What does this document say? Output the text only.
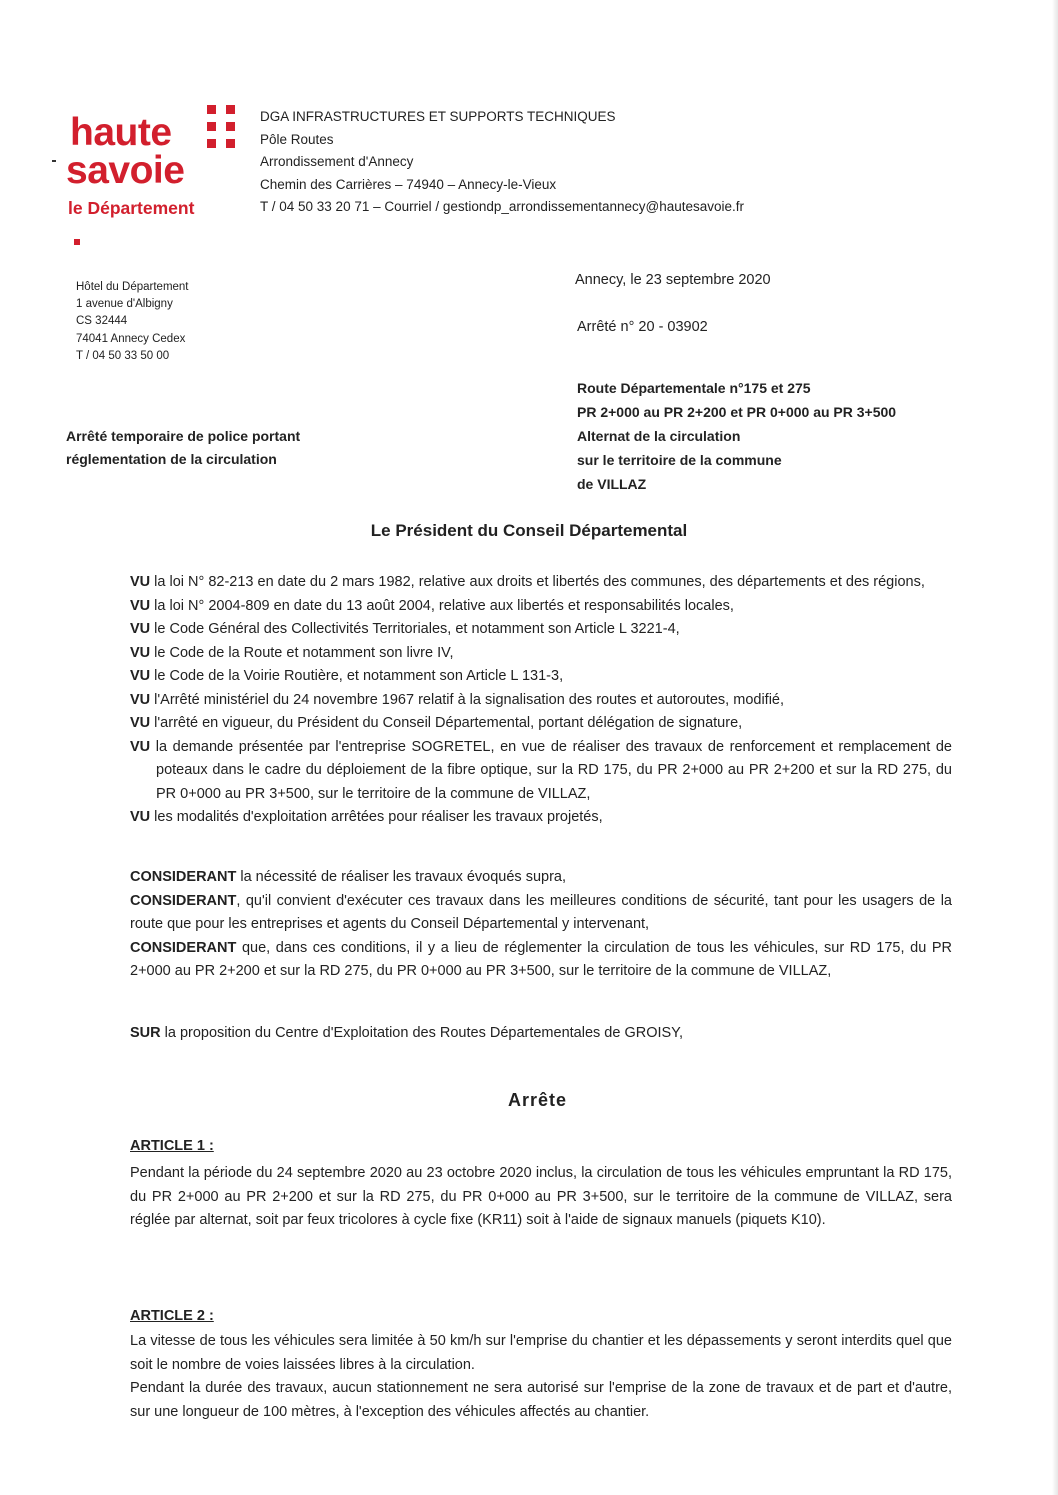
haute
savoie
le Département
DGA INFRASTRUCTURES ET SUPPORTS TECHNIQUES
Pôle Routes
Arrondissement d'Annecy
Chemin des Carrières – 74940 – Annecy-le-Vieux
T / 04 50 33 20 71 – Courriel / gestiondp_arrondissementannecy@hautesavoie.fr
Hôtel du Département
1 avenue d'Albigny
CS 32444
74041 Annecy Cedex
T / 04 50 33 50 00
Annecy, le 23 septembre 2020
Arrêté n° 20 - 03902
Route Départementale n°175 et 275
PR 2+000 au PR 2+200 et PR 0+000 au PR 3+500
Alternat de la circulation
sur le territoire de la commune
de VILLAZ
Arrêté temporaire de police portant
réglementation de la circulation
Le Président du Conseil Départemental

VU la loi N° 82-213 en date du 2 mars 1982, relative aux droits et libertés des communes, des départements et des régions,

VU la loi N° 2004-809 en date du 13 août 2004, relative aux libertés et responsabilités locales,

VU le Code Général des Collectivités Territoriales, et notamment son Article L 3221-4,

VU le Code de la Route et notamment son livre IV,

VU le Code de la Voirie Routière, et notamment son Article L 131-3,

VU l'Arrêté ministériel du 24 novembre 1967 relatif à la signalisation des routes et autoroutes, modifié,

VU l'arrêté en vigueur, du Président du Conseil Départemental, portant délégation de signature,

VU la demande présentée par l'entreprise SOGRETEL, en vue de réaliser des travaux de renforcement et remplacement de poteaux dans le cadre du déploiement de la fibre optique, sur la RD 175, du PR 2+000 au PR 2+200 et sur la RD 275, du PR 0+000 au PR 3+500, sur le territoire de la commune de VILLAZ,

VU les modalités d'exploitation arrêtées pour réaliser les travaux projetés,

CONSIDERANT la nécessité de réaliser les travaux évoqués supra,

CONSIDERANT, qu'il convient d'exécuter ces travaux dans les meilleures conditions de sécurité, tant pour les usagers de la route que pour les entreprises et agents du Conseil Départemental y intervenant,

CONSIDERANT que, dans ces conditions, il y a lieu de réglementer la circulation de tous les véhicules, sur RD 175, du PR 2+000 au PR 2+200 et sur la RD 275, du PR 0+000 au PR 3+500, sur le territoire de la commune de VILLAZ,

SUR la proposition du Centre d'Exploitation des Routes Départementales de GROISY,

Arrête
ARTICLE 1 :

Pendant la période du 24 septembre 2020 au 23 octobre 2020 inclus, la circulation de tous les véhicules empruntant la RD 175, du PR 2+000 au PR 2+200 et sur la RD 275, du PR 0+000 au PR 3+500, sur le territoire de la commune de VILLAZ, sera réglée par alternat, soit par feux tricolores à cycle fixe (KR11) soit à l'aide de signaux manuels (piquets K10).

ARTICLE 2 :

La vitesse de tous les véhicules sera limitée à 50 km/h sur l'emprise du chantier et les dépassements y seront interdits quel que soit le nombre de voies laissées libres à la circulation.

Pendant la durée des travaux, aucun stationnement ne sera autorisé sur l'emprise de la zone de travaux et de part et d'autre, sur une longueur de 100 mètres, à l'exception des véhicules affectés au chantier.
